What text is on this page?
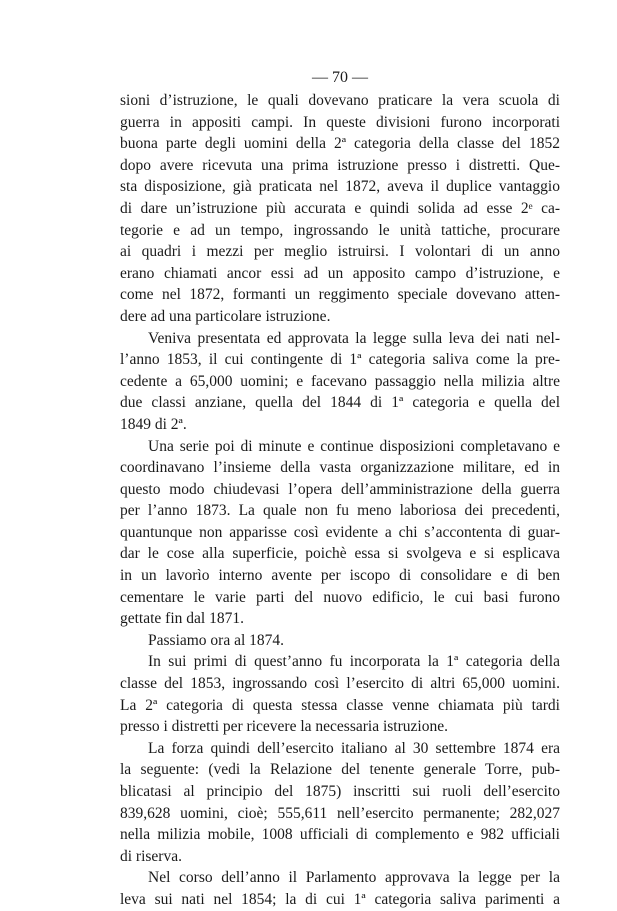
— 70 —
sioni d’istruzione, le quali dovevano praticare la vera scuola di
guerra in appositi campi. In queste divisioni furono incorporati
buona parte degli uomini della 2ª categoria della classe del 1852
dopo avere ricevuta una prima istruzione presso i distretti. Que-
sta disposizione, già praticata nel 1872, aveva il duplice vantaggio
di dare un’istruzione più accurata e quindi solida ad esse 2ᵉ ca-
tegorie e ad un tempo, ingrossando le unità tattiche, procurare
ai quadri i mezzi per meglio istruirsi. I volontari di un anno
erano chiamati ancor essi ad un apposito campo d’istruzione, e
come nel 1872, formanti un reggimento speciale dovevano atten-
dere ad una particolare istruzione.
Veniva presentata ed approvata la legge sulla leva dei nati nel-
l’anno 1853, il cui contingente di 1ª categoria saliva come la pre-
cedente a 65,000 uomini; e facevano passaggio nella milizia altre
due classi anziane, quella del 1844 di 1ª categoria e quella del
1849 di 2ª.
Una serie poi di minute e continue disposizioni completavano e
coordinavano l’insieme della vasta organizzazione militare, ed in
questo modo chiudevasi l’opera dell’amministrazione della guerra
per l’anno 1873. La quale non fu meno laboriosa dei precedenti,
quantunque non apparisse così evidente a chi s’accontenta di guar-
dar le cose alla superficie, poichè essa si svolgeva e si esplicava
in un lavorìo interno avente per iscopo di consolidare e di ben
cementare le varie parti del nuovo edificio, le cui basi furono
gettate fin dal 1871.
Passiamo ora al 1874.
In sui primi di quest’anno fu incorporata la 1ª categoria della
classe del 1853, ingrossando così l’esercito di altri 65,000 uomini.
La 2ª categoria di questa stessa classe venne chiamata più tardi
presso i distretti per ricevere la necessaria istruzione.
La forza quindi dell’esercito italiano al 30 settembre 1874 era
la seguente: (vedi la Relazione del tenente generale Torre, pub-
blicatasi al principio del 1875) inscritti sui ruoli dell’esercito
839,628 uomini, cioè; 555,611 nell’esercito permanente; 282,027
nella milizia mobile, 1008 ufficiali di complemento e 982 ufficiali
di riserva.
Nel corso dell’anno il Parlamento approvava la legge per la
leva sui nati nel 1854; la di cui 1ª categoria saliva parimenti a
